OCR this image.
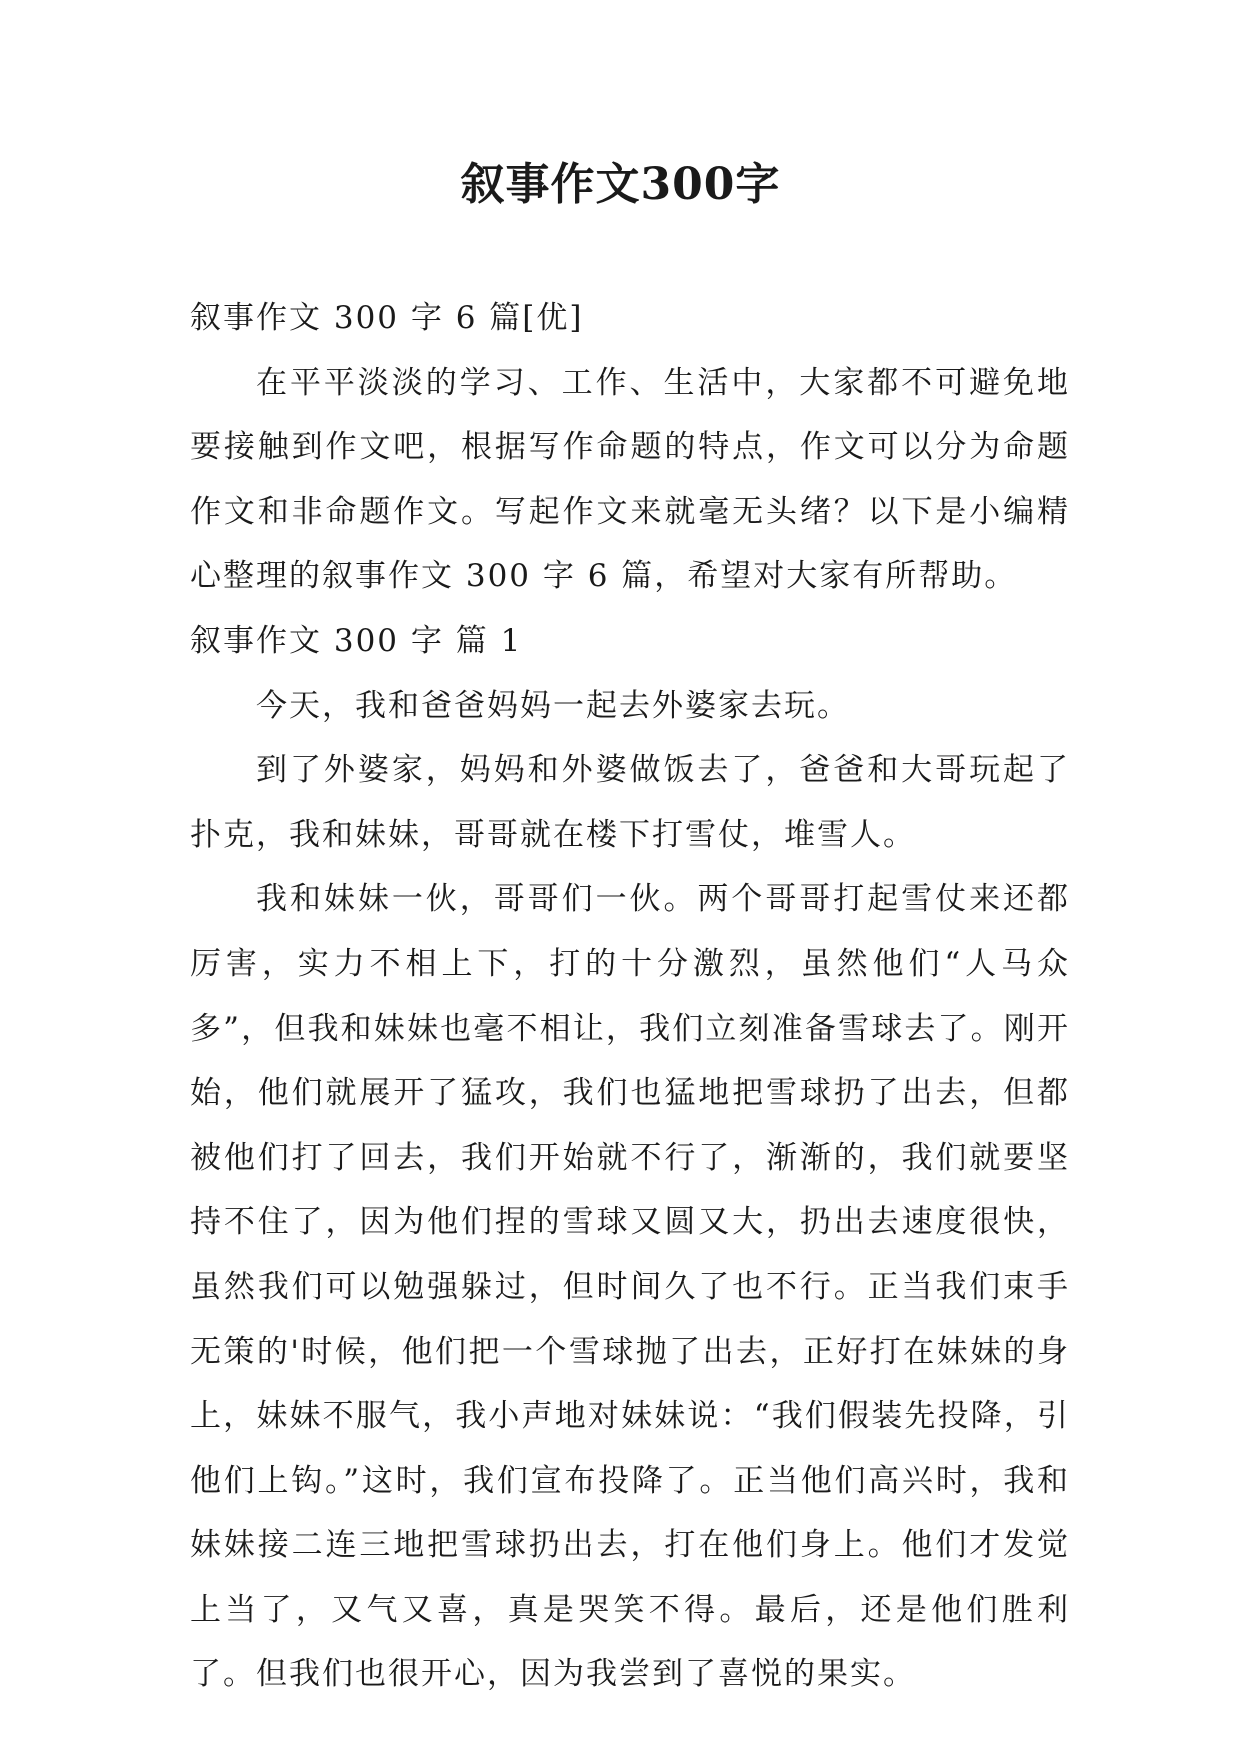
叙事作文300字

叙事作文 300 字 6 篇[优]

在平平淡淡的学习、工作、生活中，大家都不可避免地要接触到作文吧，根据写作命题的特点，作文可以分为命题作文和非命题作文。写起作文来就毫无头绪？以下是小编精心整理的叙事作文 300 字 6 篇，希望对大家有所帮助。

叙事作文 300 字 篇 1

今天，我和爸爸妈妈一起去外婆家去玩。

到了外婆家，妈妈和外婆做饭去了，爸爸和大哥玩起了扑克，我和妹妹，哥哥就在楼下打雪仗，堆雪人。

我和妹妹一伙，哥哥们一伙。两个哥哥打起雪仗来还都厉害，实力不相上下，打的十分激烈，虽然他们“人马众多”，但我和妹妹也毫不相让，我们立刻准备雪球去了。刚开始，他们就展开了猛攻，我们也猛地把雪球扔了出去，但都被他们打了回去，我们开始就不行了，渐渐的，我们就要坚持不住了，因为他们捏的雪球又圆又大，扔出去速度很快，虽然我们可以勉强躲过，但时间久了也不行。正当我们束手无策的'时候，他们把一个雪球抛了出去，正好打在妹妹的身上，妹妹不服气，我小声地对妹妹说：“我们假装先投降，引他们上钩。”这时，我们宣布投降了。正当他们高兴时，我和妹妹接二连三地把雪球扔出去，打在他们身上。他们才发觉上当了，又气又喜，真是哭笑不得。最后，还是他们胜利了。但我们也很开心，因为我尝到了喜悦的果实。
